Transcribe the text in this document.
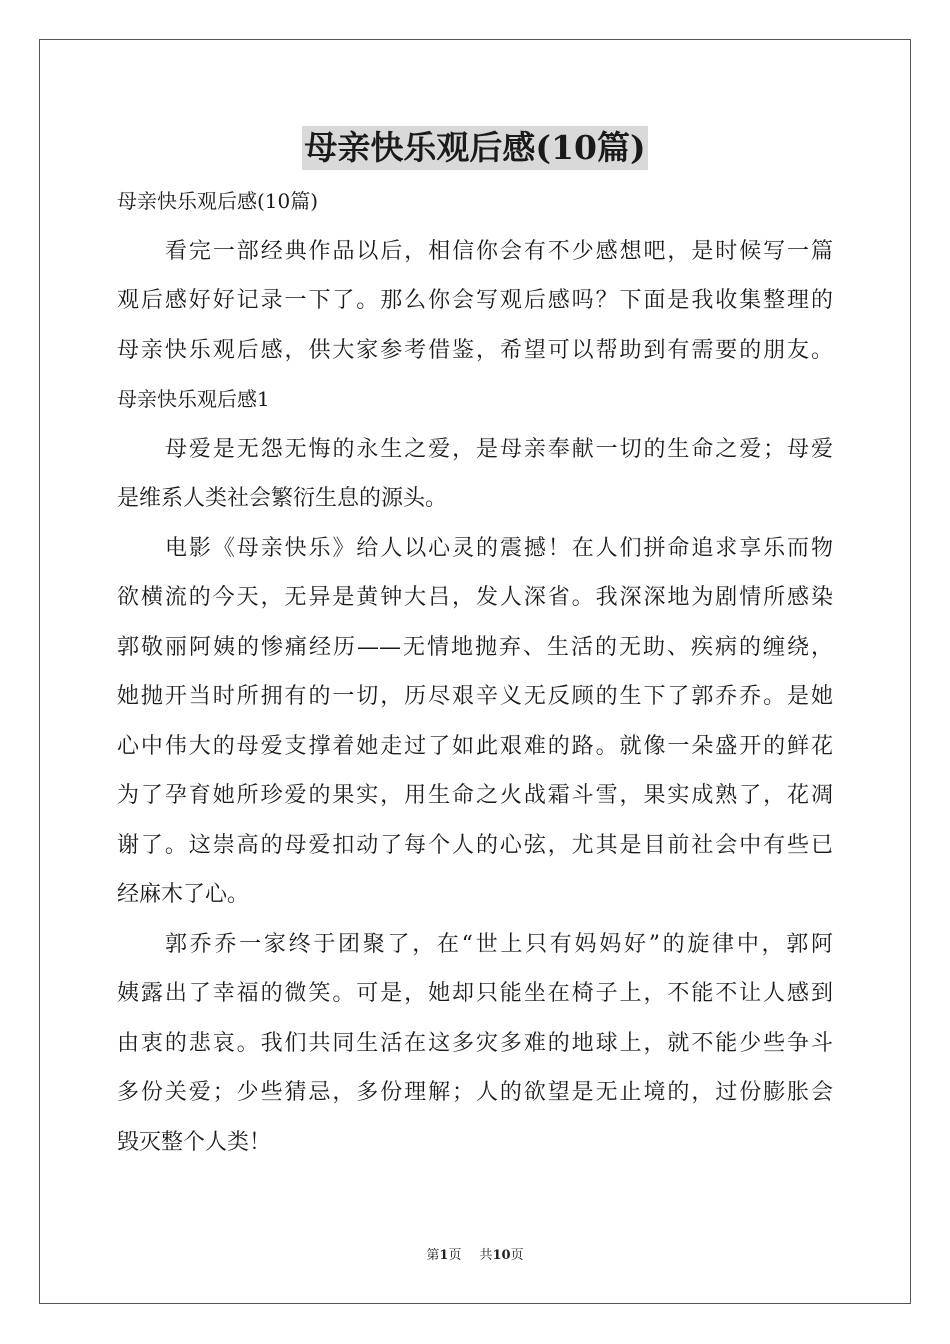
母亲快乐观后感(10篇)
母亲快乐观后感(10篇)
看完一部经典作品以后，相信你会有不少感想吧，是时候写一篇
观后感好好记录一下了。那么你会写观后感吗？下面是我收集整理的
母亲快乐观后感，供大家参考借鉴，希望可以帮助到有需要的朋友。
母亲快乐观后感1
母爱是无怨无悔的永生之爱，是母亲奉献一切的生命之爱；母爱
是维系人类社会繁衍生息的源头。
电影《母亲快乐》给人以心灵的震撼！在人们拼命追求享乐而物
欲横流的今天，无异是黄钟大吕，发人深省。我深深地为剧情所感染
郭敬丽阿姨的惨痛经历——无情地抛弃、生活的无助、疾病的缠绕，
她抛开当时所拥有的一切，历尽艰辛义无反顾的生下了郭乔乔。是她
心中伟大的母爱支撑着她走过了如此艰难的路。就像一朵盛开的鲜花
为了孕育她所珍爱的果实，用生命之火战霜斗雪，果实成熟了，花凋
谢了。这崇高的母爱扣动了每个人的心弦，尤其是目前社会中有些已
经麻木了心。
郭乔乔一家终于团聚了，在“世上只有妈妈好”的旋律中，郭阿
姨露出了幸福的微笑。可是，她却只能坐在椅子上，不能不让人感到
由衷的悲哀。我们共同生活在这多灾多难的地球上，就不能少些争斗
多份关爱；少些猜忌，多份理解；人的欲望是无止境的，过份膨胀会
毁灭整个人类！
第1页 共10页
